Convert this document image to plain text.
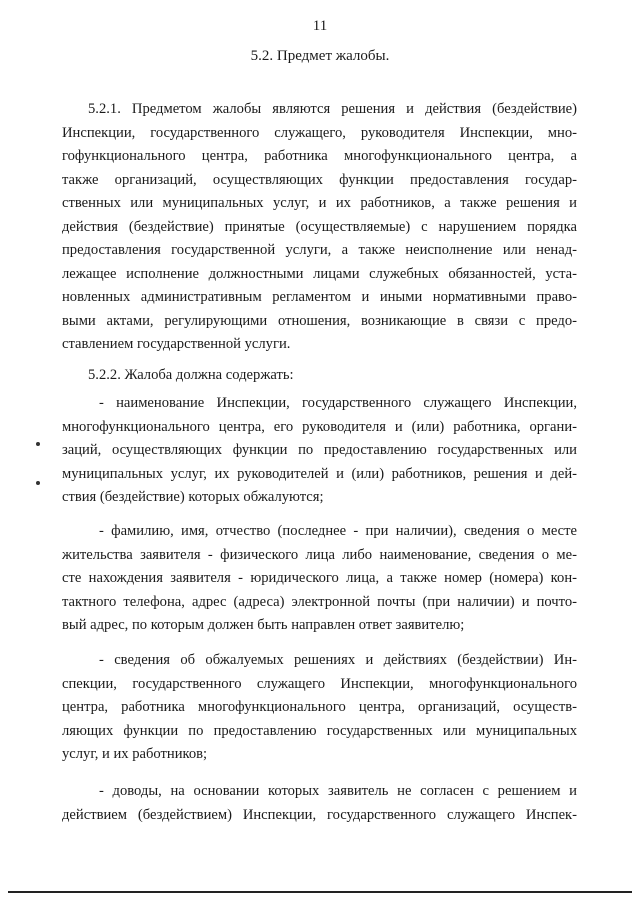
11
5.2. Предмет жалобы.
5.2.1. Предметом жалобы являются решения и действия (бездействие)
Инспекции, государственного служащего, руководителя Инспекции, мно-
гофункционального центра, работника многофункционального центра, а
также организаций, осуществляющих функции предоставления государ-
ственных или муниципальных услуг, и их работников, а также решения и
действия (бездействие) принятые (осуществляемые) с нарушением порядка
предоставления государственной услуги, а также неисполнение или ненад-
лежащее исполнение должностными лицами служебных обязанностей, уста-
новленных административным регламентом и иными нормативными право-
выми актами, регулирующими отношения, возникающие в связи с предо-
ставлением государственной услуги.
5.2.2. Жалоба должна содержать:
- наименование Инспекции, государственного служащего Инспекции,
многофункционального центра, его руководителя и (или) работника, органи-
заций, осуществляющих функции по предоставлению государственных или
муниципальных услуг, их руководителей и (или) работников, решения и дей-
ствия (бездействие) которых обжалуются;
- фамилию, имя, отчество (последнее - при наличии), сведения о месте
жительства заявителя - физического лица либо наименование, сведения о ме-
сте нахождения заявителя - юридического лица, а также номер (номера) кон-
тактного телефона, адрес (адреса) электронной почты (при наличии) и почто-
вый адрес, по которым должен быть направлен ответ заявителю;
- сведения об обжалуемых решениях и действиях (бездействии) Ин-
спекции, государственного служащего Инспекции, многофункционального
центра, работника многофункционального центра, организаций, осуществ-
ляющих функции по предоставлению государственных или муниципальных
услуг, и их работников;
- доводы, на основании которых заявитель не согласен с решением и
действием (бездействием) Инспекции, государственного служащего Инспек-
